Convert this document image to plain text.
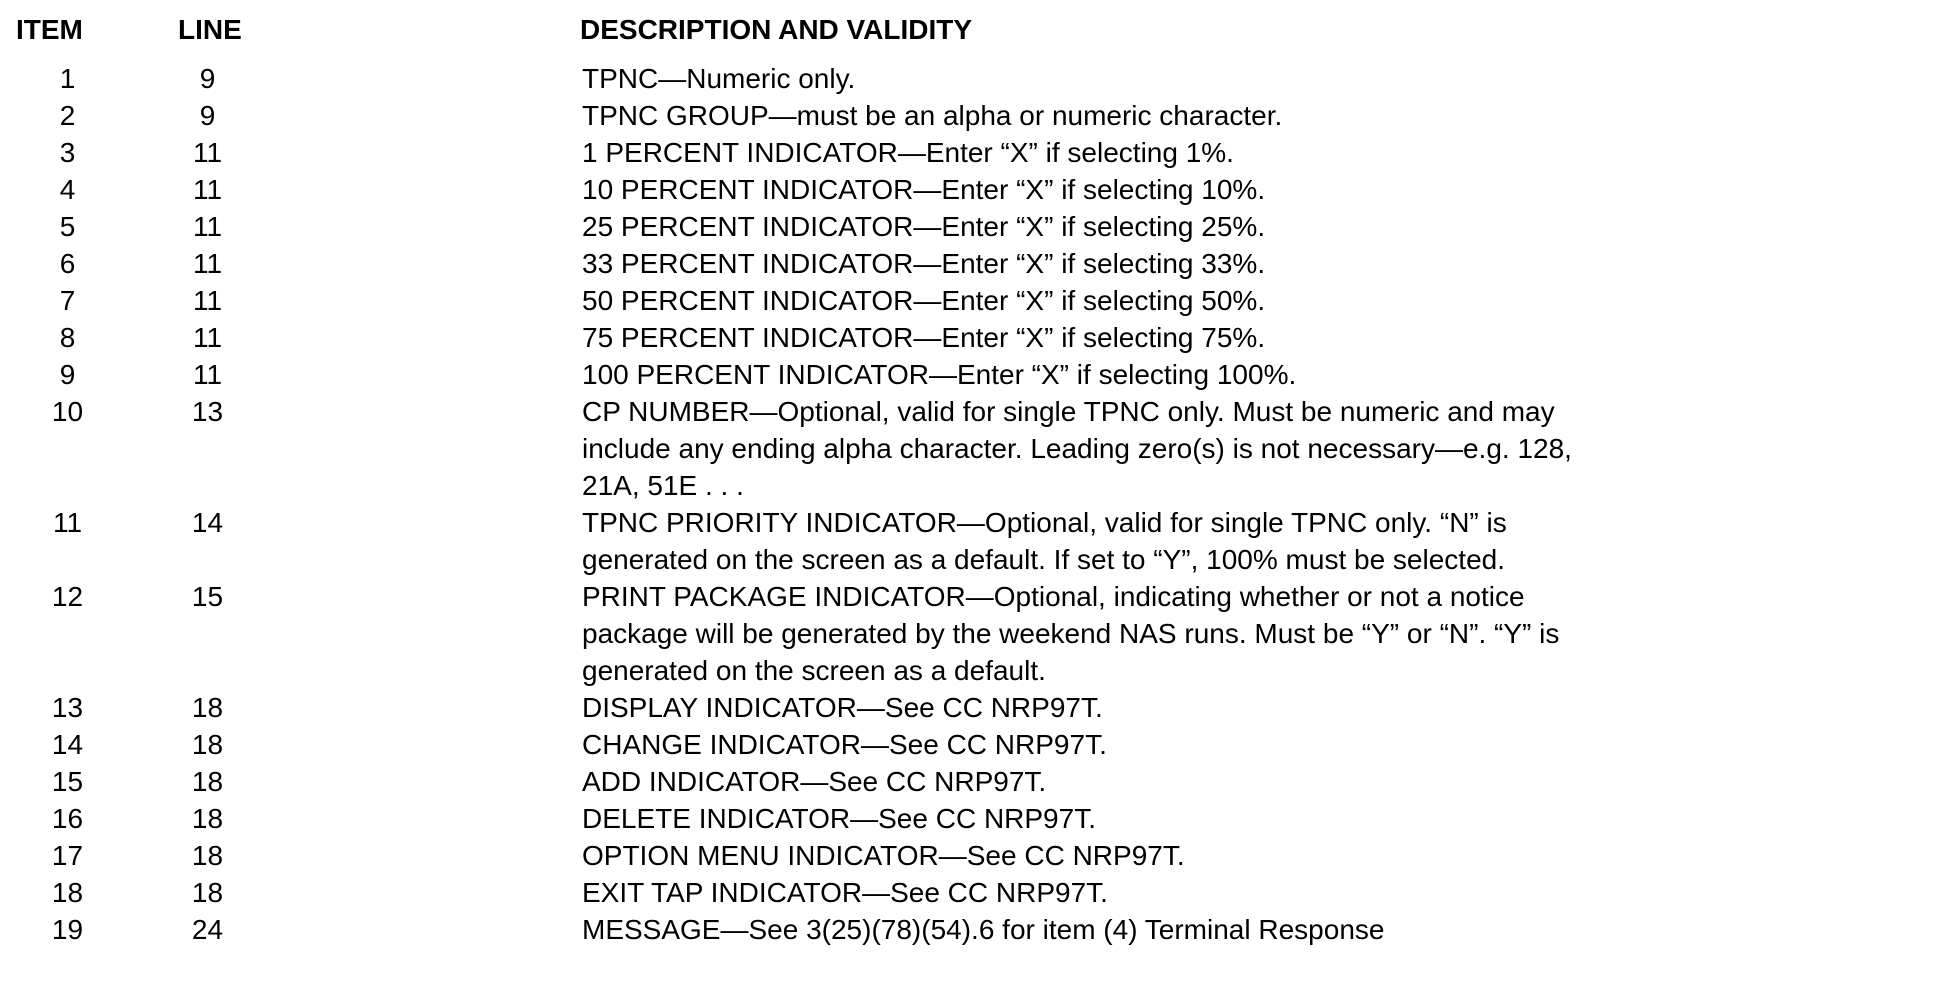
ITEM	LINE	DESCRIPTION AND VALIDITY
1	9	TPNC—Numeric only.
2	9	TPNC GROUP—must be an alpha or numeric character.
3	11	1 PERCENT INDICATOR—Enter “X” if selecting 1%.
4	11	10 PERCENT INDICATOR—Enter “X” if selecting 10%.
5	11	25 PERCENT INDICATOR—Enter “X” if selecting 25%.
6	11	33 PERCENT INDICATOR—Enter “X” if selecting 33%.
7	11	50 PERCENT INDICATOR—Enter “X” if selecting 50%.
8	11	75 PERCENT INDICATOR—Enter “X” if selecting 75%.
9	11	100 PERCENT INDICATOR—Enter “X” if selecting 100%.
10	13	CP NUMBER—Optional, valid for single TPNC only. Must be numeric and may
include any ending alpha character. Leading zero(s) is not necessary—e.g. 128,
21A, 51E . . .
11	14	TPNC PRIORITY INDICATOR—Optional, valid for single TPNC only. “N” is
generated on the screen as a default. If set to “Y”, 100% must be selected.
12	15	PRINT PACKAGE INDICATOR—Optional, indicating whether or not a notice
package will be generated by the weekend NAS runs. Must be “Y” or “N”. “Y” is
generated on the screen as a default.
13	18	DISPLAY INDICATOR—See CC NRP97T.
14	18	CHANGE INDICATOR—See CC NRP97T.
15	18	ADD INDICATOR—See CC NRP97T.
16	18	DELETE INDICATOR—See CC NRP97T.
17	18	OPTION MENU INDICATOR—See CC NRP97T.
18	18	EXIT TAP INDICATOR—See CC NRP97T.
19	24	MESSAGE—See 3(25)(78)(54).6 for item (4) Terminal Response
